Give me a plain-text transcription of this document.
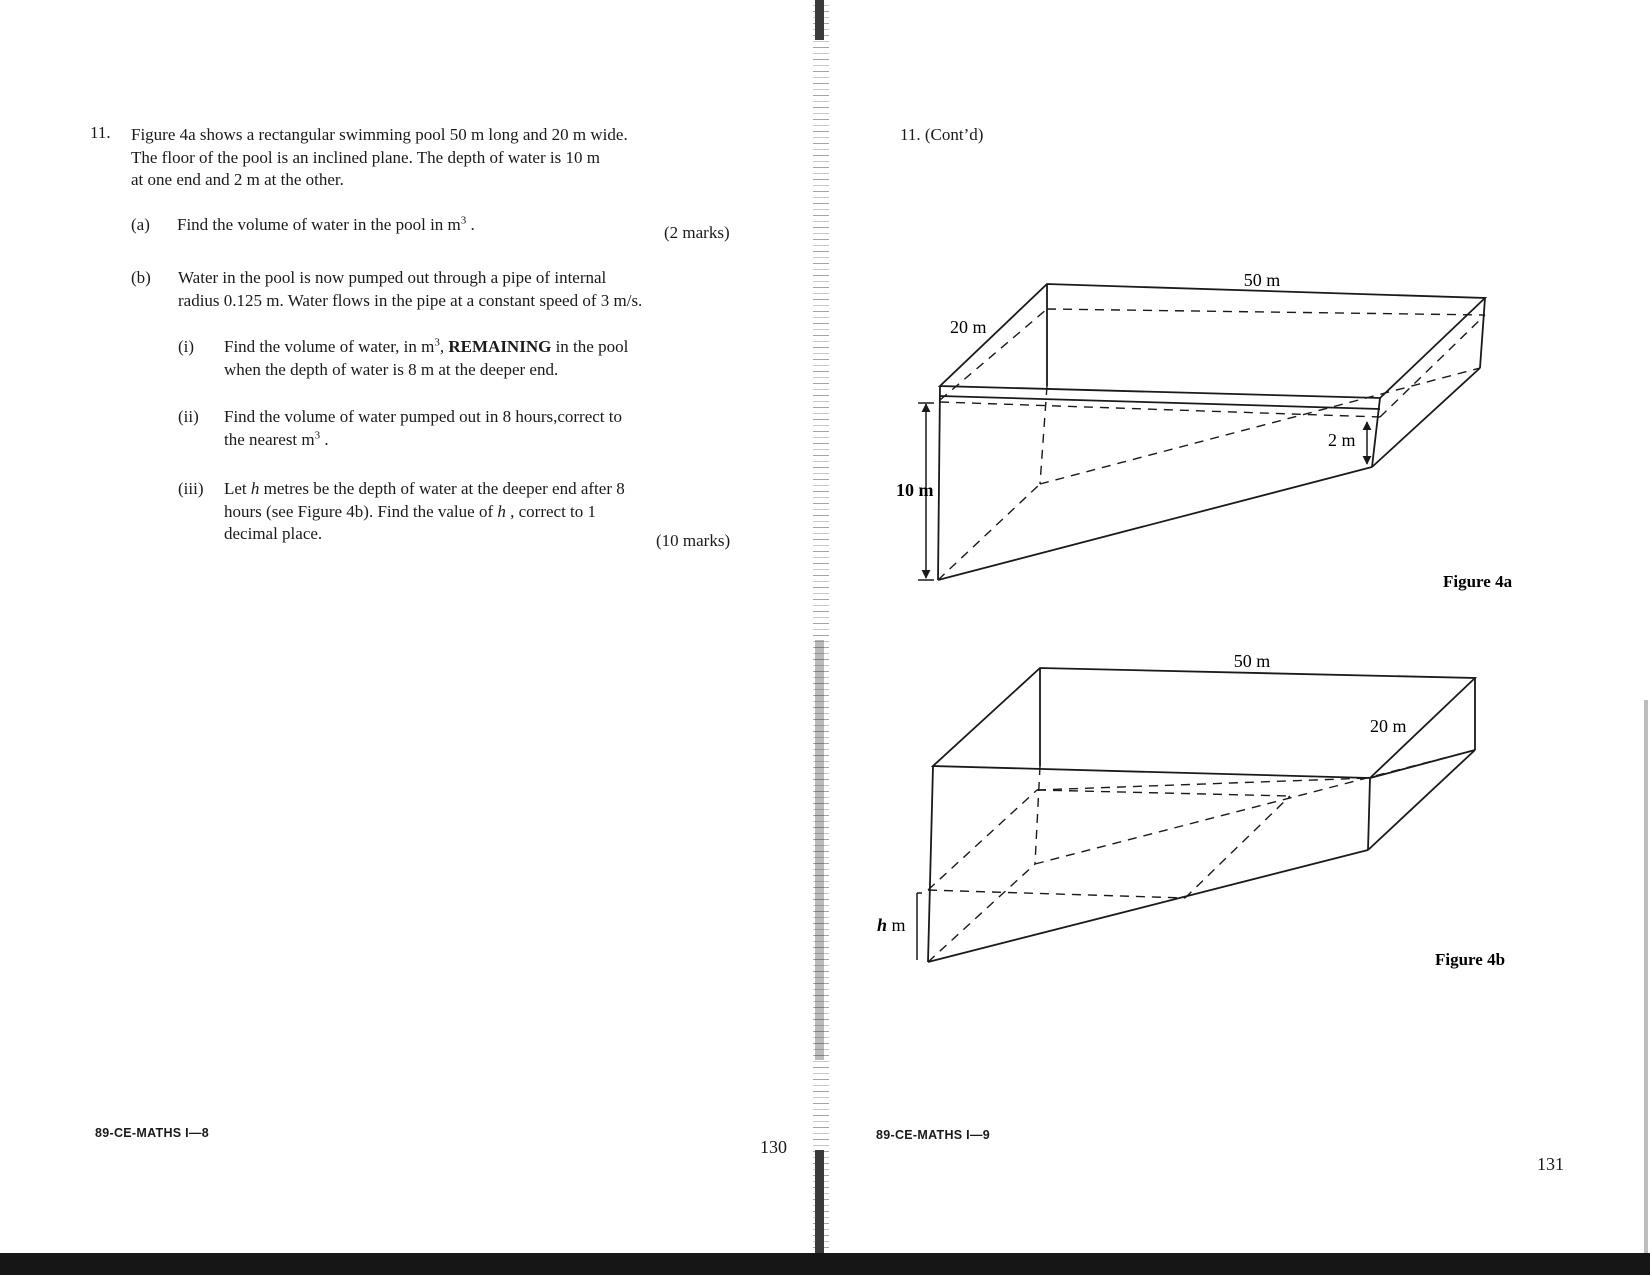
11. Figure 4a shows a rectangular swimming pool 50 m long and 20 m wide.
The floor of the pool is an inclined plane. The depth of water is 10 m
at one end and 2 m at the other.
(a) Find the volume of water in the pool in $m^3$ .	(2 marks)
(b) Water in the pool is now pumped out through a pipe of internal
radius 0.125 m. Water flows in the pipe at a constant speed of 3 m/s.
(i) Find the volume of water, in $m^3$, REMAINING in the pool
when the depth of water is 8 m at the deeper end.
(ii) Find the volume of water pumped out in 8 hours,correct to
the nearest $m^3$ .
(iii) Let h metres be the depth of water at the deeper end after 8
hours (see Figure 4b). Find the value of h , correct to 1
decimal place.	(10 marks)
89-CE-MATHS I—8
130
11. (Cont’d)
50 m
20 m
10 m
2 m
Figure 4a
50 m
20 m
h m
Figure 4b
89-CE-MATHS I—9
131
